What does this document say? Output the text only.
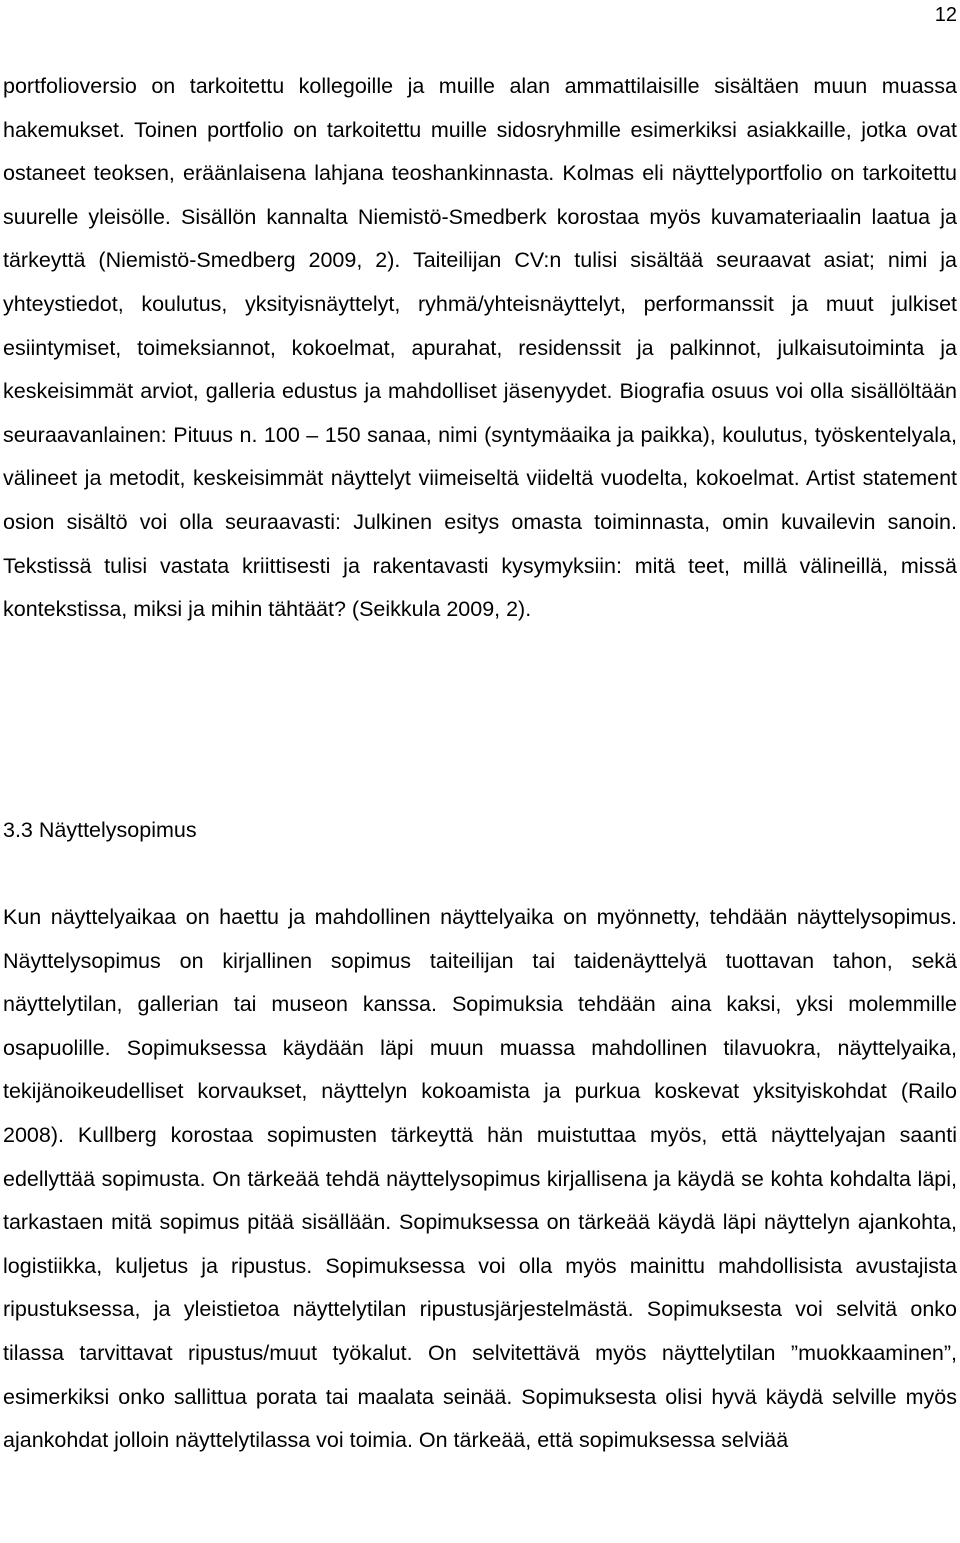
12

portfolioversio on tarkoitettu kollegoille ja muille alan ammattilaisille sisältäen muun muassa hakemukset. Toinen portfolio on tarkoitettu muille sidosryhmille esimerkiksi asiakkaille, jotka ovat ostaneet teoksen, eräänlaisena lahjana teoshankinnasta. Kolmas eli näyttelyportfolio on tarkoitettu suurelle yleisölle. Sisällön kannalta Niemistö-Smedberk korostaa myös kuvamateriaalin laatua ja tärkeyttä (Niemistö-Smedberg 2009, 2). Taiteilijan CV:n tulisi sisältää seuraavat asiat; nimi ja yhteystiedot, koulutus, yksityisnäyttelyt, ryhmä/yhteisnäyttelyt, performanssit ja muut julkiset esiintymiset, toimeksiannot, kokoelmat, apurahat, residenssit ja palkinnot, julkaisutoiminta ja keskeisimmät arviot, galleria edustus ja mahdolliset jäsenyydet. Biografia osuus voi olla sisällöltään seuraavanlainen: Pituus n. 100 – 150 sanaa, nimi (syntymäaika ja paikka), koulutus, työskentelyala, välineet ja metodit, keskeisimmät näyttelyt viimeiseltä viideltä vuodelta, kokoelmat. Artist statement osion sisältö voi olla seuraavasti: Julkinen esitys omasta toiminnasta, omin kuvailevin sanoin. Tekstissä tulisi vastata kriittisesti ja rakentavasti kysymyksiin: mitä teet, millä välineillä, missä kontekstissa, miksi ja mihin tähtäät? (Seikkula 2009, 2).

3.3 Näyttelysopimus

Kun näyttelyaikaa on haettu ja mahdollinen näyttelyaika on myönnetty, tehdään näyttelysopimus. Näyttelysopimus on kirjallinen sopimus taiteilijan tai taidenäyttelyä tuottavan tahon, sekä näyttelytilan, gallerian tai museon kanssa. Sopimuksia tehdään aina kaksi, yksi molemmille osapuolille. Sopimuksessa käydään läpi muun muassa mahdollinen tilavuokra, näyttelyaika, tekijänoikeudelliset korvaukset, näyttelyn kokoamista ja purkua koskevat yksityiskohdat (Railo 2008). Kullberg korostaa sopimusten tärkeyttä hän muistuttaa myös, että näyttelyajan saanti edellyttää sopimusta. On tärkeää tehdä näyttelysopimus kirjallisena ja käydä se kohta kohdalta läpi, tarkastaen mitä sopimus pitää sisällään. Sopimuksessa on tärkeää käydä läpi näyttelyn ajankohta, logistiikka, kuljetus ja ripustus. Sopimuksessa voi olla myös mainittu mahdollisista avustajista ripustuksessa, ja yleistietoa näyttelytilan ripustusjärjestelmästä. Sopimuksesta voi selvitä onko tilassa tarvittavat ripustus/muut työkalut. On selvitettävä myös näyttelytilan ”muokkaaminen”, esimerkiksi onko sallittua porata tai maalata seinää. Sopimuksesta olisi hyvä käydä selville myös ajankohdat jolloin näyttelytilassa voi toimia. On tärkeää, että sopimuksessa selviää
